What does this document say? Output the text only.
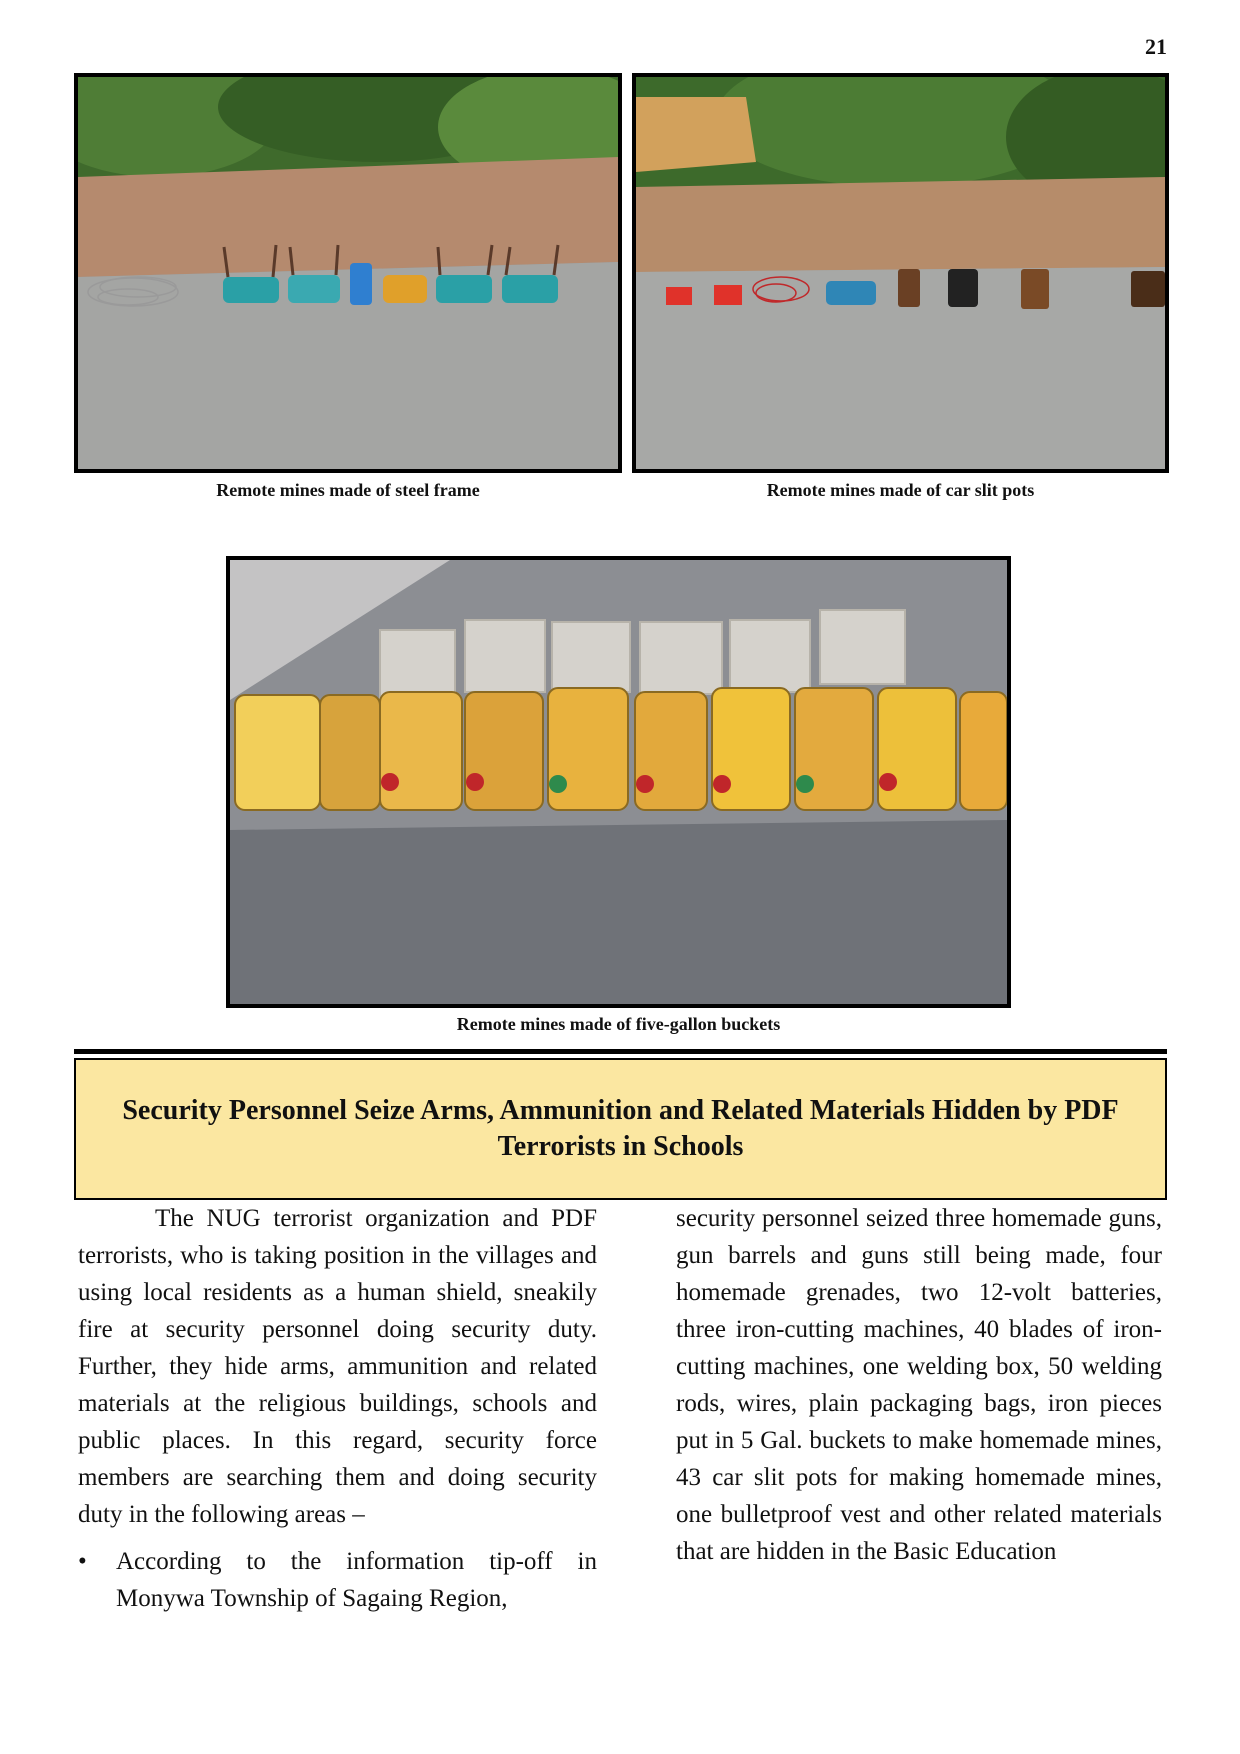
21
Remote mines made of steel frame	Remote mines made of car slit pots
Remote mines made of five-gallon buckets
Security Personnel Seize Arms, Ammunition and Related Materials Hidden by PDF Terrorists in Schools

The NUG terrorist organization and PDF terrorists, who is taking position in the villages and using local residents as a human shield, sneakily fire at security personnel doing security duty. Further, they hide arms, ammunition and related materials at the religious buildings, schools and public places. In this regard, security force members are searching them and doing security duty in the following areas –

• According to the information tip-off in Monywa Township of Sagaing Region,

security personnel seized three homemade guns, gun barrels and guns still being made, four homemade grenades, two 12-volt batteries, three iron-cutting machines, 40 blades of iron-cutting machines, one welding box, 50 welding rods, wires, plain packaging bags, iron pieces put in 5 Gal. buckets to make homemade mines, 43 car slit pots for making homemade mines, one bulletproof vest and other related materials that are hidden in the Basic Education
